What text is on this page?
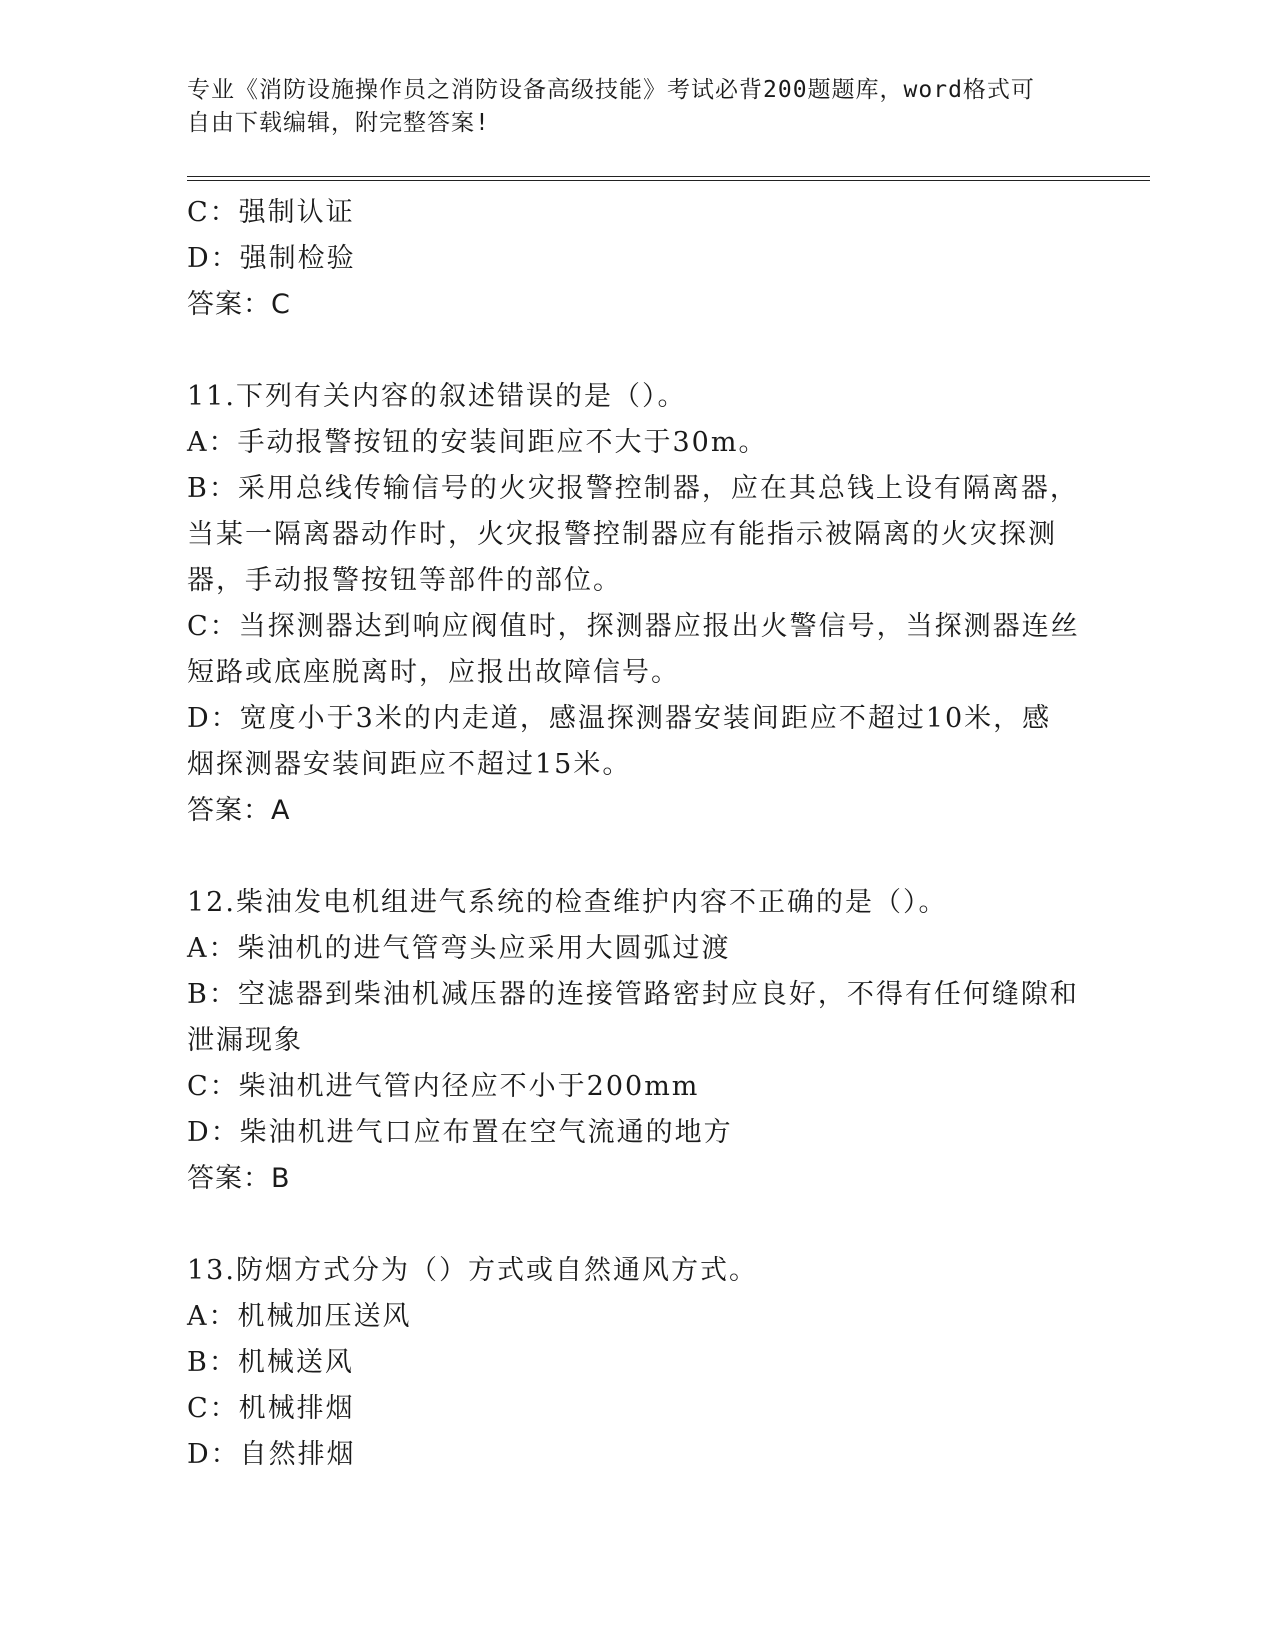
专业《消防设施操作员之消防设备高级技能》考试必背200题题库，word格式可
自由下载编辑，附完整答案!

C：强制认证

D：强制检验

答案：C

11.下列有关内容的叙述错误的是（）。

A：手动报警按钮的安装间距应不大于30m。

B：采用总线传输信号的火灾报警控制器，应在其总钱上设有隔离器，

当某一隔离器动作时，火灾报警控制器应有能指示被隔离的火灾探测

器，手动报警按钮等部件的部位。

C：当探测器达到响应阀值时，探测器应报出火警信号，当探测器连丝

短路或底座脱离时，应报出故障信号。

D：宽度小于3米的内走道，感温探测器安装间距应不超过10米，感

烟探测器安装间距应不超过15米。

答案：A

12.柴油发电机组进气系统的检查维护内容不正确的是（）。

A：柴油机的进气管弯头应采用大圆弧过渡

B：空滤器到柴油机减压器的连接管路密封应良好，不得有任何缝隙和

泄漏现象

C：柴油机进气管内径应不小于200mm

D：柴油机进气口应布置在空气流通的地方

答案：B

13.防烟方式分为（）方式或自然通风方式。

A：机械加压送风

B：机械送风

C：机械排烟

D：自然排烟
